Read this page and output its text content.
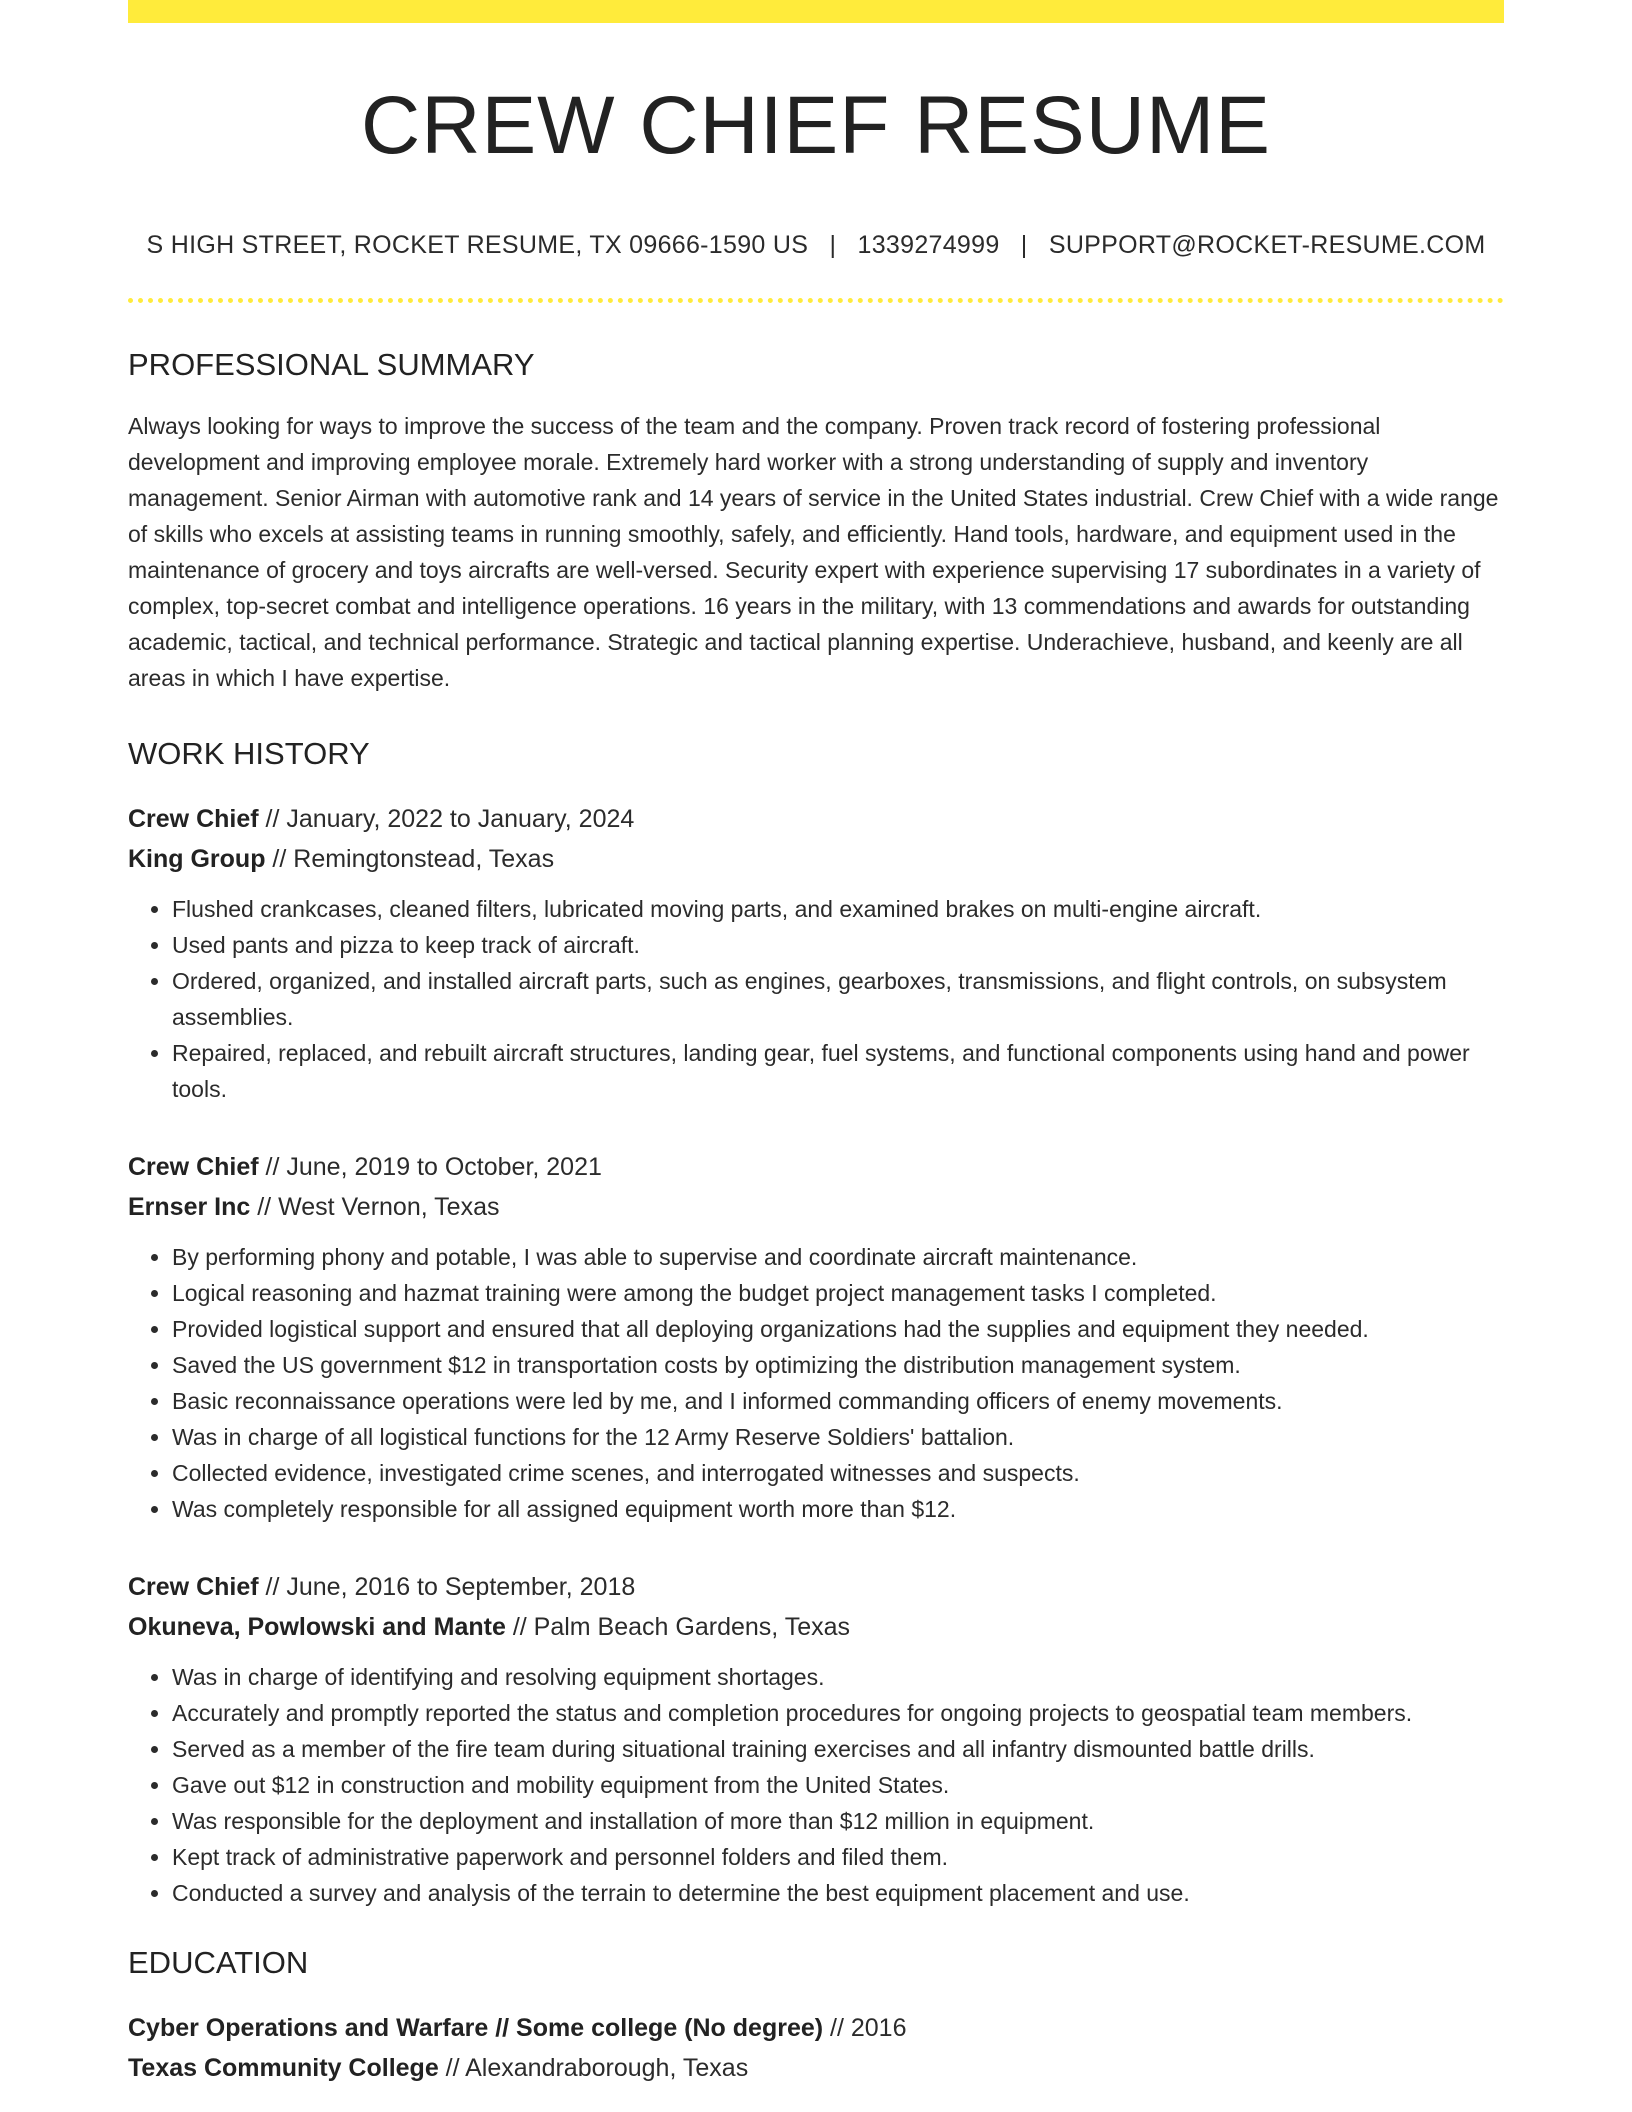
CREW CHIEF RESUME
S HIGH STREET, ROCKET RESUME, TX 09666-1590 US | 1339274999 | SUPPORT@ROCKET-RESUME.COM
PROFESSIONAL SUMMARY

Always looking for ways to improve the success of the team and the company. Proven track record of fostering professional development and improving employee morale. Extremely hard worker with a strong understanding of supply and inventory management. Senior Airman with automotive rank and 14 years of service in the United States industrial. Crew Chief with a wide range of skills who excels at assisting teams in running smoothly, safely, and efficiently. Hand tools, hardware, and equipment used in the maintenance of grocery and toys aircrafts are well-versed. Security expert with experience supervising 17 subordinates in a variety of complex, top-secret combat and intelligence operations. 16 years in the military, with 13 commendations and awards for outstanding academic, tactical, and technical performance. Strategic and tactical planning expertise. Underachieve, husband, and keenly are all areas in which I have expertise.

WORK HISTORY
Crew Chief // January, 2022 to January, 2024
King Group // Remingtonstead, Texas
• Flushed crankcases, cleaned filters, lubricated moving parts, and examined brakes on multi-engine aircraft.
• Used pants and pizza to keep track of aircraft.
• Ordered, organized, and installed aircraft parts, such as engines, gearboxes, transmissions, and flight controls, on subsystem assemblies.
• Repaired, replaced, and rebuilt aircraft structures, landing gear, fuel systems, and functional components using hand and power tools.
Crew Chief // June, 2019 to October, 2021
Ernser Inc // West Vernon, Texas
• By performing phony and potable, I was able to supervise and coordinate aircraft maintenance.
• Logical reasoning and hazmat training were among the budget project management tasks I completed.
• Provided logistical support and ensured that all deploying organizations had the supplies and equipment they needed.
• Saved the US government $12 in transportation costs by optimizing the distribution management system.
• Basic reconnaissance operations were led by me, and I informed commanding officers of enemy movements.
• Was in charge of all logistical functions for the 12 Army Reserve Soldiers' battalion.
• Collected evidence, investigated crime scenes, and interrogated witnesses and suspects.
• Was completely responsible for all assigned equipment worth more than $12.
Crew Chief // June, 2016 to September, 2018
Okuneva, Powlowski and Mante // Palm Beach Gardens, Texas
• Was in charge of identifying and resolving equipment shortages.
• Accurately and promptly reported the status and completion procedures for ongoing projects to geospatial team members.
• Served as a member of the fire team during situational training exercises and all infantry dismounted battle drills.
• Gave out $12 in construction and mobility equipment from the United States.
• Was responsible for the deployment and installation of more than $12 million in equipment.
• Kept track of administrative paperwork and personnel folders and filed them.
• Conducted a survey and analysis of the terrain to determine the best equipment placement and use.
EDUCATION
Cyber Operations and Warfare // Some college (No degree) // 2016
Texas Community College // Alexandraborough, Texas
